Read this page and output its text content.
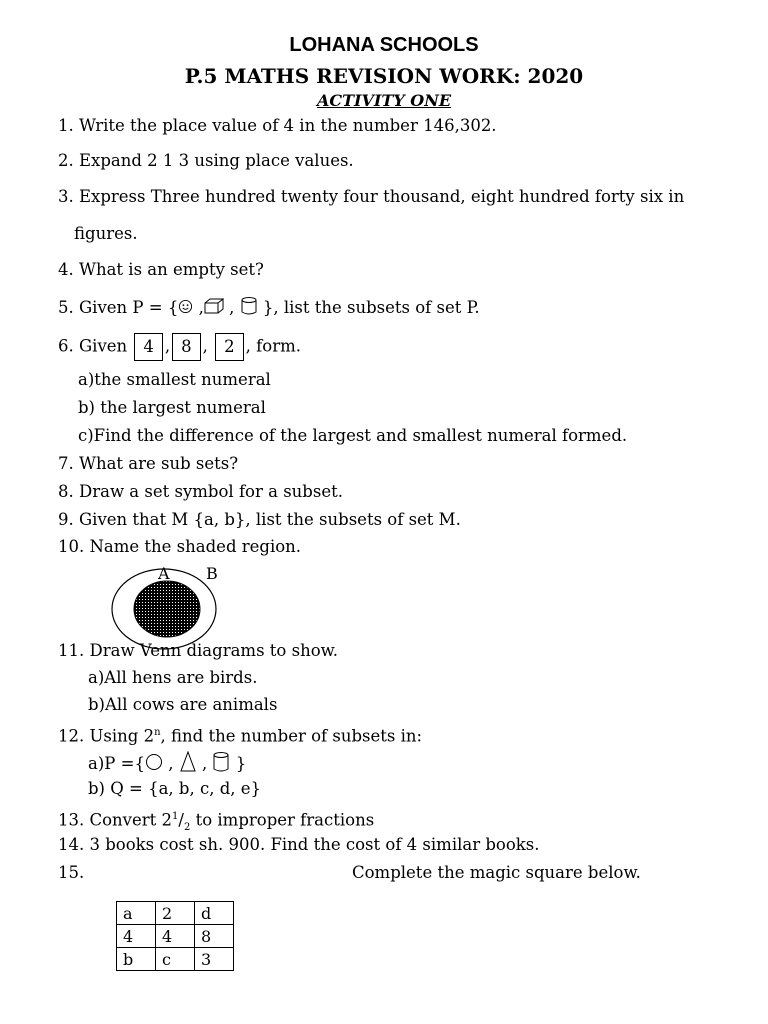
LOHANA SCHOOLS
P.5 MATHS REVISION WORK: 2020
ACTIVITY ONE
1. Write the place value of 4 in the number 146,302.
2. Expand 2 1 3 using place values.
3. Express Three hundred twenty four thousand, eight hundred forty six in
figures.
4. What is an empty set?
5. Given P = { , , }, list the subsets of set P.
6. Given 4 , 8 , 2 , form.
a)the smallest numeral
b) the largest numeral
c)Find the difference of the largest and smallest numeral formed.
7. What are sub sets?
8. Draw a set symbol for a subset.
9. Given that M {a, b}, list the subsets of set M.
10. Name the shaded region.
A B
11. Draw Venn diagrams to show.
a)All hens are birds.
b)All cows are animals
12. Using 2$^n$, find the number of subsets in:
a)P ={ , , }
b) Q = {a, b, c, d, e}
13. Convert $2^1/_2$ to improper fractions
14. 3 books cost sh. 900. Find the cost of 4 similar books.
15.	Complete the magic square below.
a	2	d
4	4	8
b	c	3
